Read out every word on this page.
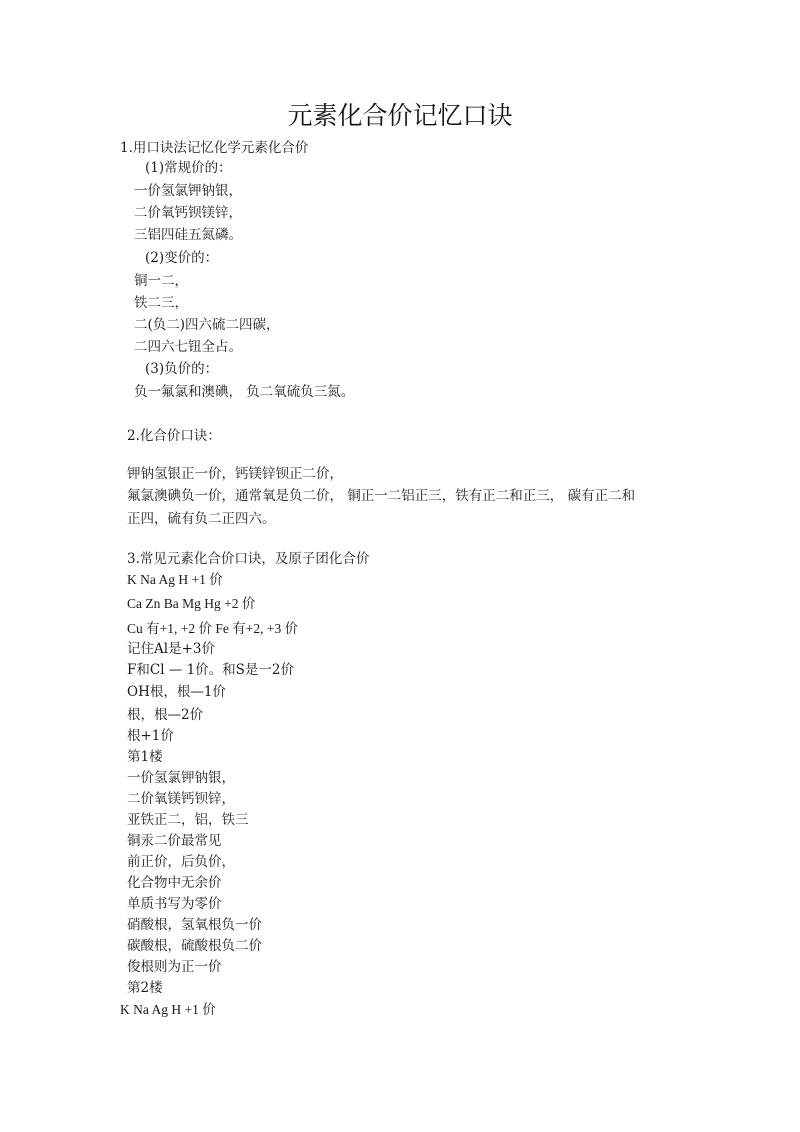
元素化合价记忆口诀
1.用口诀法记忆化学元素化合价
(1)常规价的：
一价氢氯钾钠银，
二价氧钙钡镁锌，
三铝四硅五氮磷。
(2)变价的：
铜一二，
铁二三，
二(负二)四六硫二四碳，
二四六七钮全占。
(3)负价的：
负一氟氯和澳碘， 负二氧硫负三氮。
2.化合价口诀：
钾钠氢银正一价，钙镁锌钡正二价，
氟氯澳碘负一价，通常氧是负二价， 铜正一二铝正三，铁有正二和正三， 碳有正二和
正四，硫有负二正四六。
3.常见元素化合价口诀，及原子团化合价
K Na Ag H +1 价
Ca Zn Ba Mg Hg +2 价
Cu 有+1, +2 价 Fe 有+2, +3 价
记住Al是+3价
F和Cl — 1价。和S是一2价
OH根，根—1价
根，根—2价
根+1价
第1楼
一价氢氯钾钠银，
二价氧镁钙钡锌，
亚铁正二，铝，铁三
铜汞二价最常见
前正价，后负价，
化合物中无余价
单质书写为零价
硝酸根，氢氧根负一价
碳酸根，硫酸根负二价
俊根则为正一价
第2楼
K Na Ag H +1 价
